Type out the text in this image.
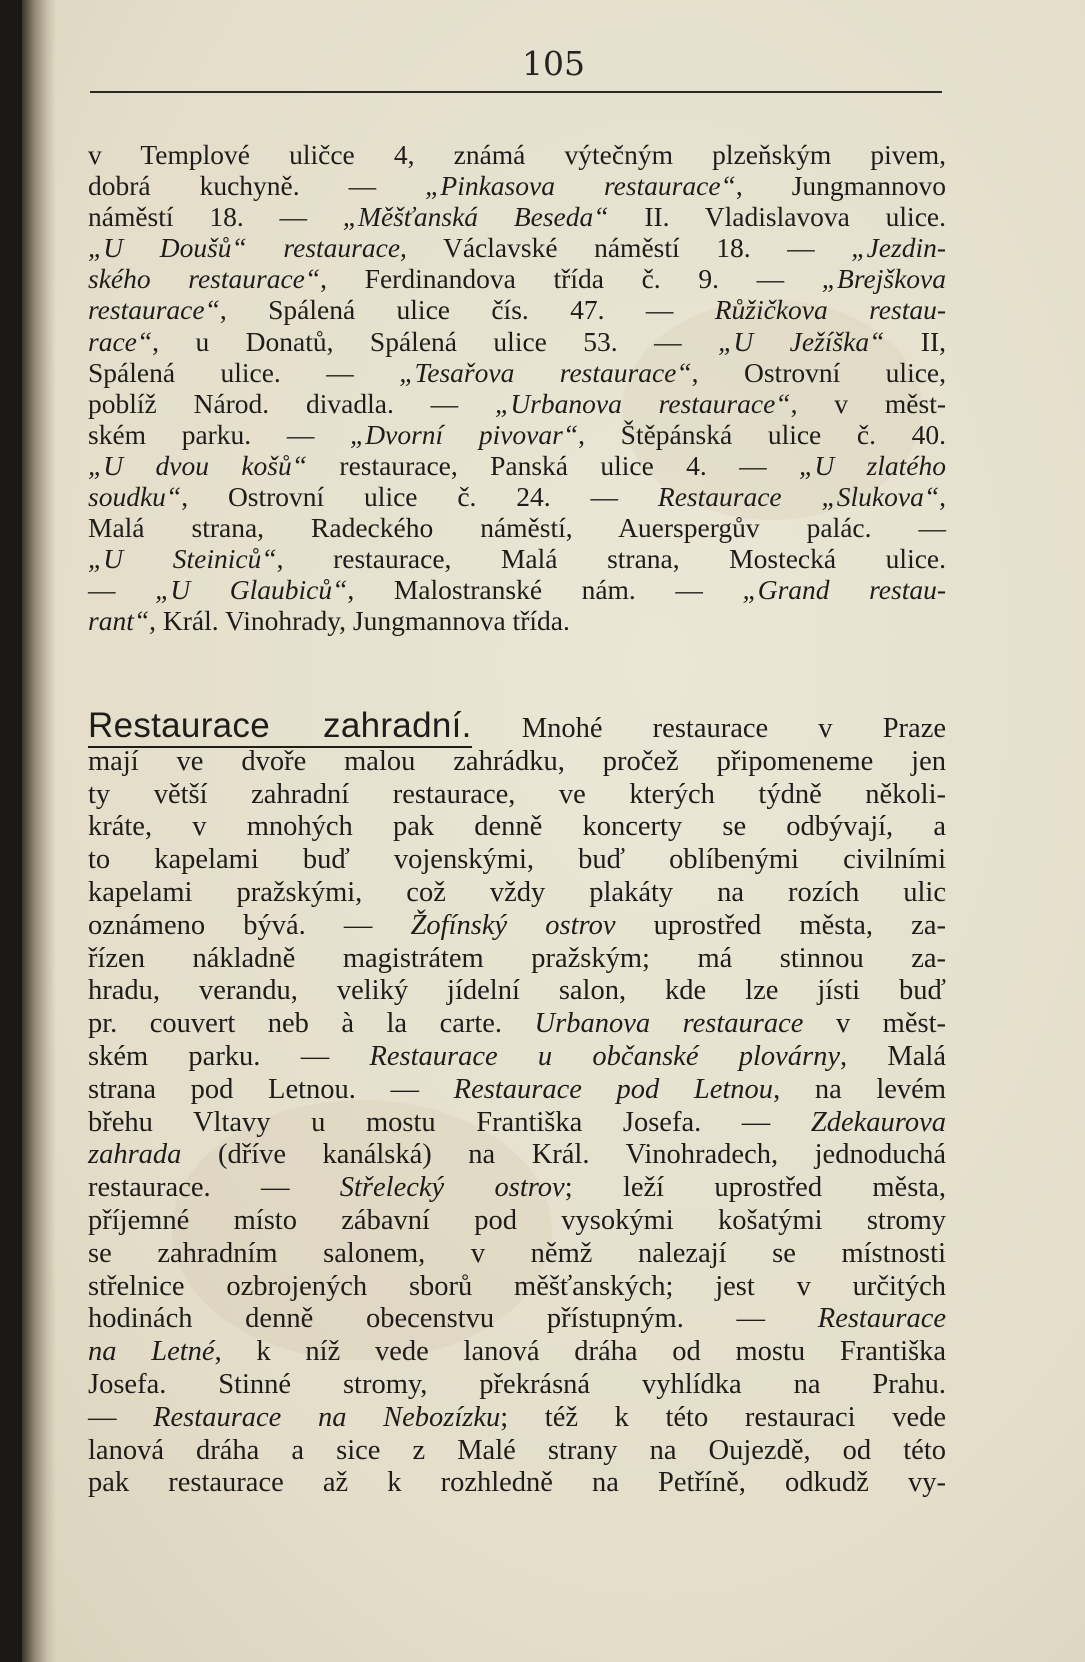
105
v Templové uličce 4, známá výtečným plzeňským pivem,
dobrá kuchyně. — „Pinkasova restaurace“, Jungmannovo
náměstí 18. — „Měšťanská Beseda“ II. Vladislavova ulice.
„U Doušů“ restaurace, Václavské náměstí 18. — „Jezdin-
ského restaurace“, Ferdinandova třída č. 9. — „Brejškova
restaurace“, Spálená ulice čís. 47. — Růžičkova restau-
race“, u Donatů, Spálená ulice 53. — „U Ježíška“ II,
Spálená ulice. — „Tesařova restaurace“, Ostrovní ulice,
poblíž Národ. divadla. — „Urbanova restaurace“, v měst-
ském parku. — „Dvorní pivovar“, Štěpánská ulice č. 40.
„U dvou košů“ restaurace, Panská ulice 4. — „U zlatého
soudku“, Ostrovní ulice č. 24. — Restaurace „Slukova“,
Malá strana, Radeckého náměstí, Auerspergův palác. —
„U Steiniců“, restaurace, Malá strana, Mostecká ulice.
— „U Glaubiců“, Malostranské nám. — „Grand restau-
rant“, Král. Vinohrady, Jungmannova třída.
Restaurace zahradní. Mnohé restaurace v Praze
mají ve dvoře malou zahrádku, pročež připomeneme jen
ty větší zahradní restaurace, ve kterých týdně několi-
kráte, v mnohých pak denně koncerty se odbývají, a
to kapelami buď vojenskými, buď oblíbenými civilními
kapelami pražskými, což vždy plakáty na rozích ulic
oznámeno bývá. — Žofínský ostrov uprostřed města, za-
řízen nákladně magistrátem pražským; má stinnou za-
hradu, verandu, veliký jídelní salon, kde lze jísti buď
pr. couvert neb à la carte. Urbanova restaurace v měst-
ském parku. — Restaurace u občanské plovárny, Malá
strana pod Letnou. — Restaurace pod Letnou, na levém
břehu Vltavy u mostu Františka Josefa. — Zdekaurova
zahrada (dříve kanálská) na Král. Vinohradech, jednoduchá
restaurace. — Střelecký ostrov; leží uprostřed města,
příjemné místo zábavní pod vysokými košatými stromy
se zahradním salonem, v němž nalezají se místnosti
střelnice ozbrojených sborů měšťanských; jest v určitých
hodinách denně obecenstvu přístupným. — Restaurace
na Letné, k níž vede lanová dráha od mostu Františka
Josefa. Stinné stromy, překrásná vyhlídka na Prahu.
— Restaurace na Nebozízku; též k této restauraci vede
lanová dráha a sice z Malé strany na Oujezdě, od této
pak restaurace až k rozhledně na Petříně, odkudž vy-
